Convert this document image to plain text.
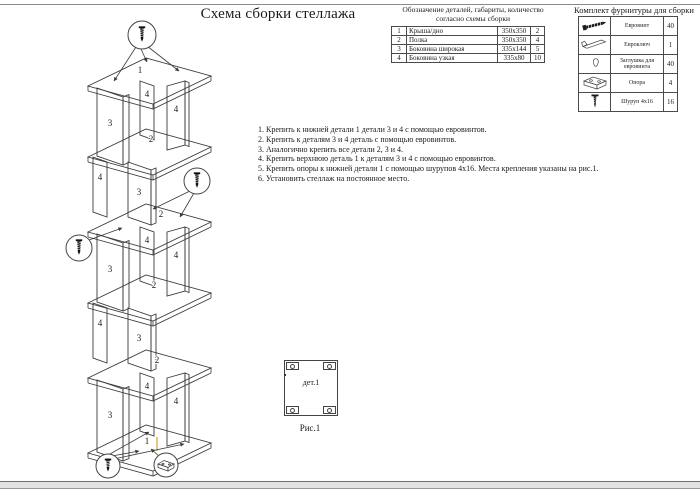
Схема сборки стеллажа	Обозначение деталей, габариты, количество
согласно схемы сборки
1	Крыша/дно	350x350	2
2	Полка	350x350	4
3	Боковина широкая	335x144	5
4	Боковина узкая	335x80	10
Комплект фурнитуры для сборки
	Евровинт	40
	Евроключ	1
	Заглушка для евровинта	40
	Опора	4
	Шуруп 4x16	16
1. Крепить к нижней детали 1 детали 3 и 4 с помощью евровинтов.
2. Крепить к деталям 3 и 4 деталь с помощью евровинтов.
3. Аналогично крепить все детали 2, 3 и 4.
4. Крепить верхнюю деталь 1 к деталям 3 и 4 с помощью евровинтов.
5. Крепить опоры к нижней детали 1 с помощью шурупов 4x16. Места крепления указаны на рис.1.
6. Установить стеллаж на постоянное место.
1
2
2
2
2
1
3
4
4
4
3
3
4
4
4
3
3
4
4
дет.1
Рис.1
